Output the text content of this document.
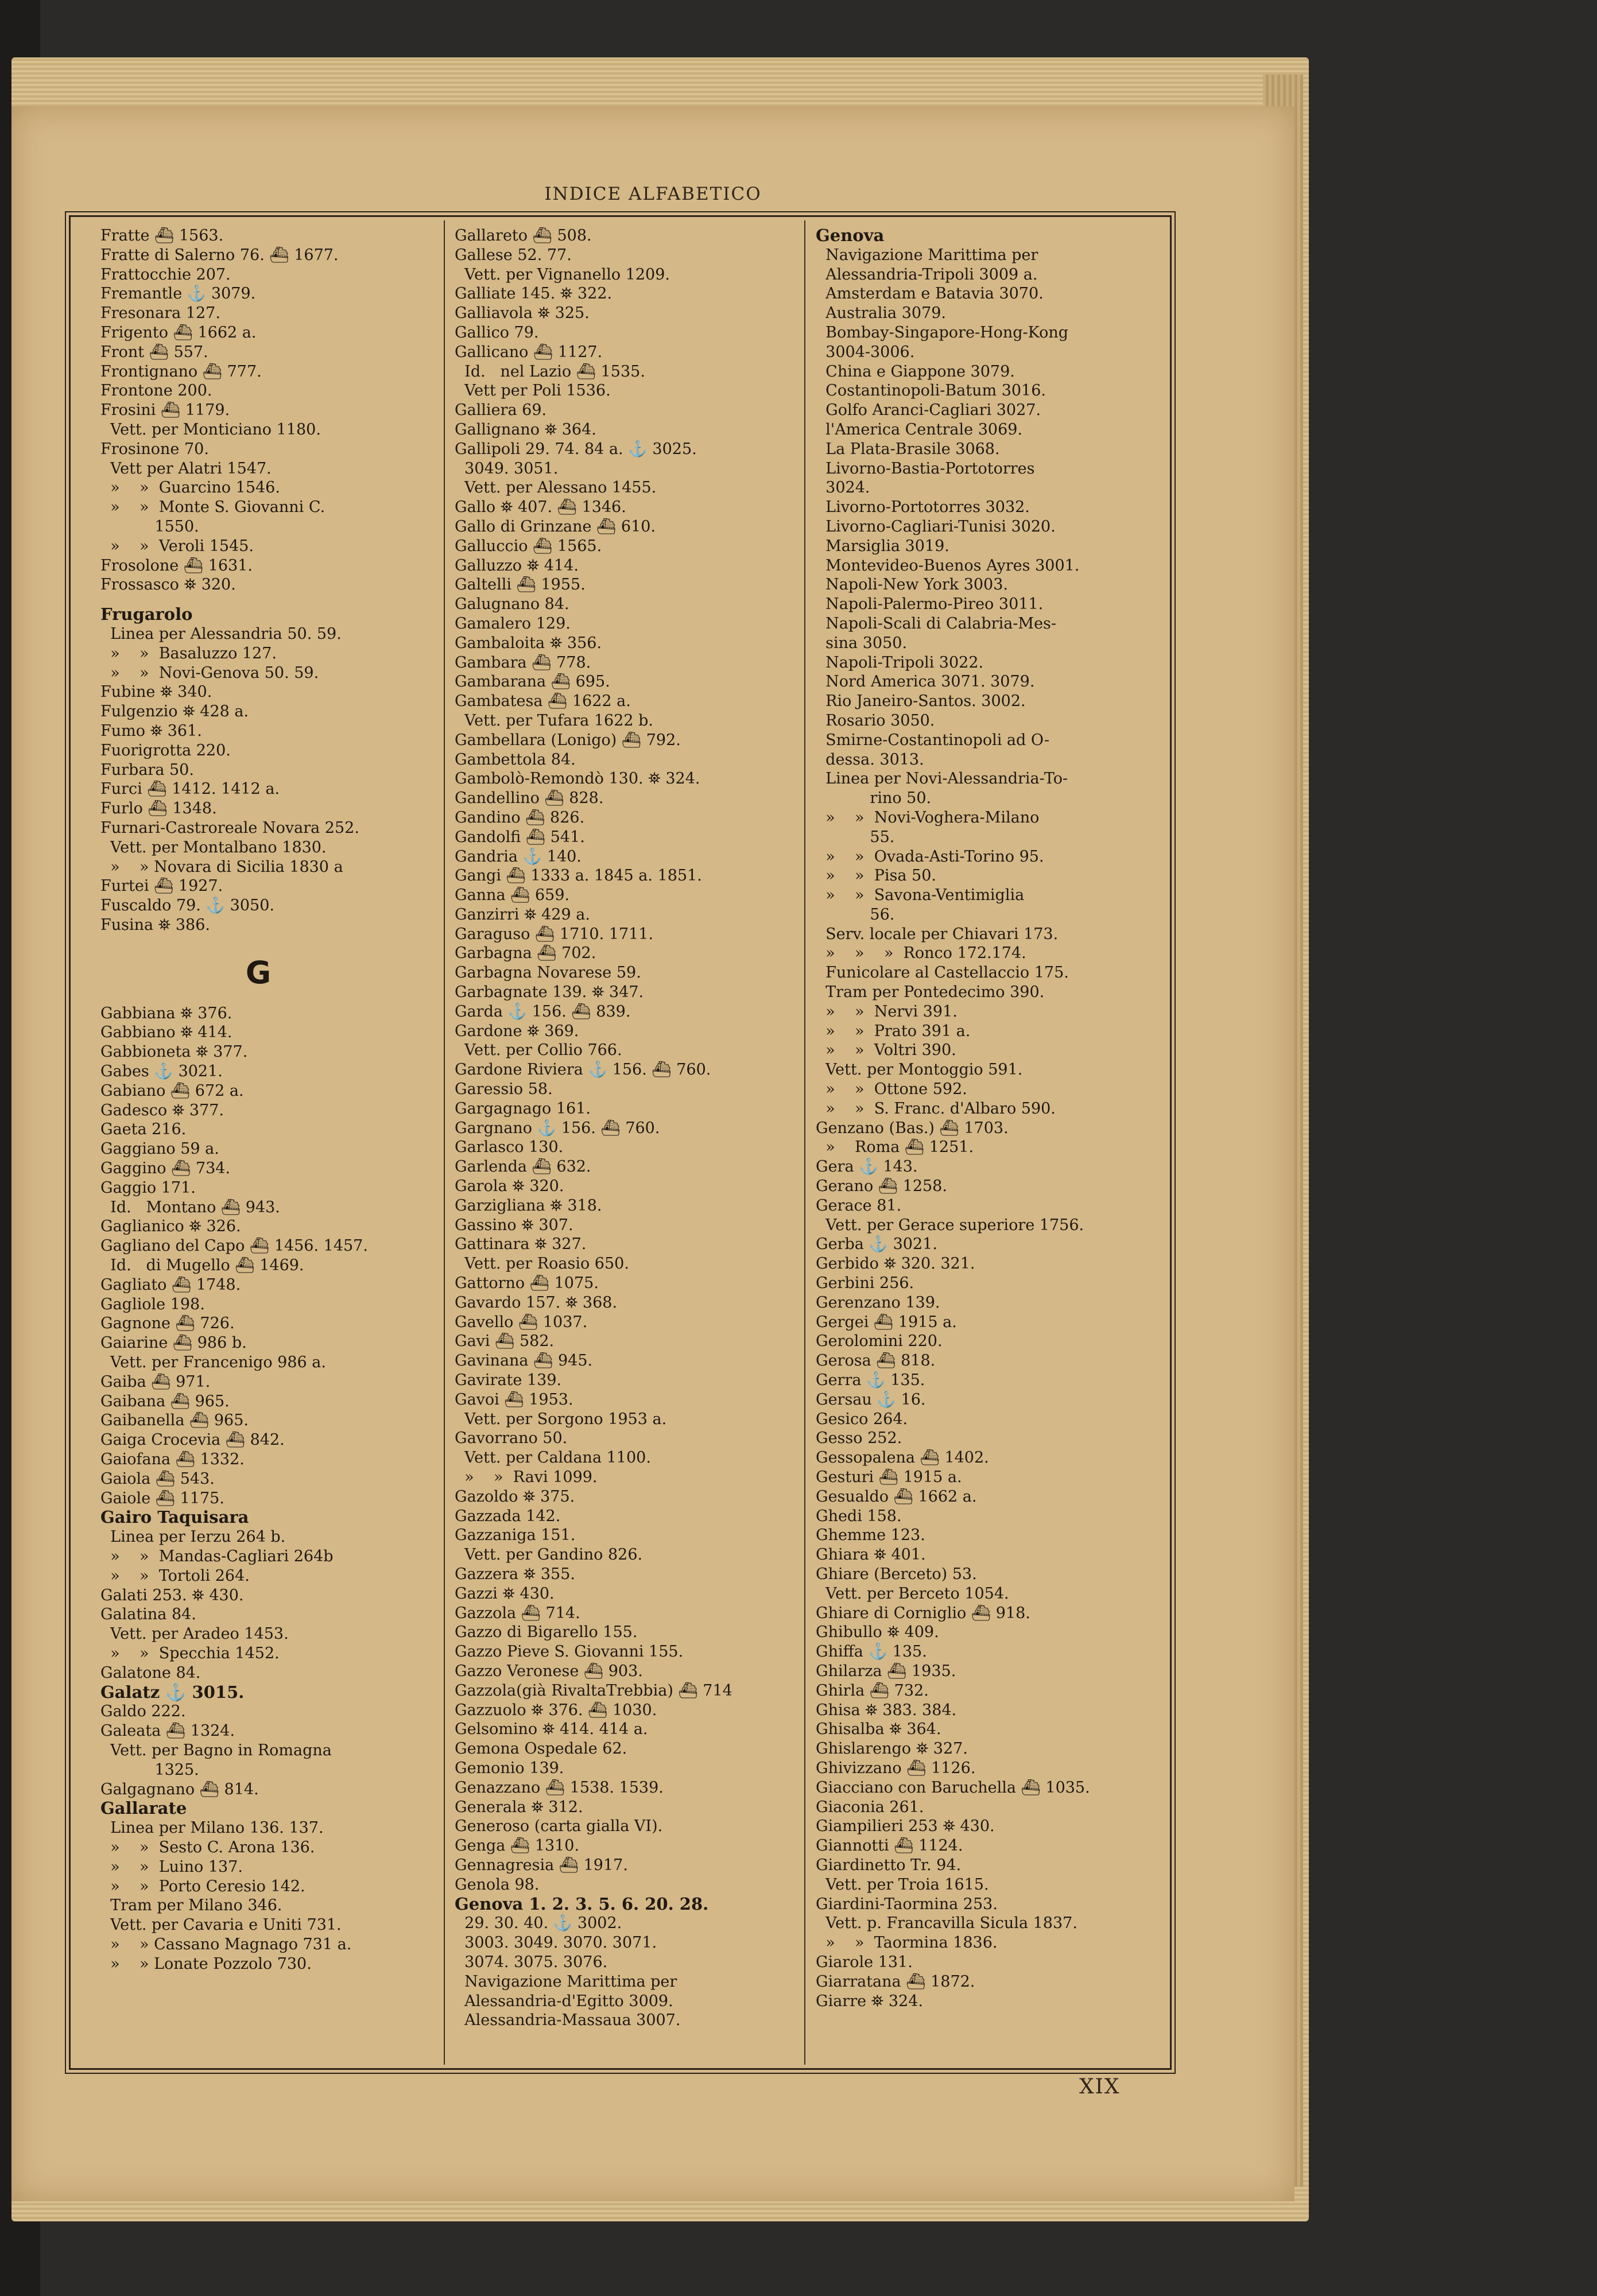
INDICE ALFABETICO
Fratte ⛴ 1563.
Fratte di Salerno 76. ⛴ 1677.
Frattocchie 207.
Fremantle ⚓ 3079.
Fresonara 127.
Frigento ⛴ 1662 a.
Front ⛴ 557.
Frontignano ⛴ 777.
Frontone 200.
Frosini ⛴ 1179.
Vett. per Monticiano 1180.
Frosinone 70.
Vett per Alatri 1547.
»    »  Guarcino 1546.
»    »  Monte S. Giovanni C.
1550.
»    »  Veroli 1545.
Frosolone ⛴ 1631.
Frossasco ⛯ 320.
Frugarolo
Linea per Alessandria 50. 59.
»    »  Basaluzzo 127.
»    »  Novi-Genova 50. 59.
Fubine ⛯ 340.
Fulgenzio ⛯ 428 a.
Fumo ⛯ 361.
Fuorigrotta 220.
Furbara 50.
Furci ⛴ 1412. 1412 a.
Furlo ⛴ 1348.
Furnari-Castroreale Novara 252.
Vett. per Montalbano 1830.
»    » Novara di Sicilia 1830 a
Furtei ⛴ 1927.
Fuscaldo 79. ⚓ 3050.
Fusina ⛯ 386.
G
Gabbiana ⛯ 376.
Gabbiano ⛯ 414.
Gabbioneta ⛯ 377.
Gabes ⚓ 3021.
Gabiano ⛴ 672 a.
Gadesco ⛯ 377.
Gaeta 216.
Gaggiano 59 a.
Gaggino ⛴ 734.
Gaggio 171.
Id.   Montano ⛴ 943.
Gaglianico ⛯ 326.
Gagliano del Capo ⛴ 1456. 1457.
Id.   di Mugello ⛴ 1469.
Gagliato ⛴ 1748.
Gagliole 198.
Gagnone ⛴ 726.
Gaiarine ⛴ 986 b.
Vett. per Francenigo 986 a.
Gaiba ⛴ 971.
Gaibana ⛴ 965.
Gaibanella ⛴ 965.
Gaiga Crocevia ⛴ 842.
Gaiofana ⛴ 1332.
Gaiola ⛴ 543.
Gaiole ⛴ 1175.
Gairo Taquisara
Linea per Ierzu 264 b.
»    »  Mandas-Cagliari 264b
»    »  Tortoli 264.
Galati 253. ⛯ 430.
Galatina 84.
Vett. per Aradeo 1453.
»    »  Specchia 1452.
Galatone 84.
Galatz ⚓ 3015.
Galdo 222.
Galeata ⛴ 1324.
Vett. per Bagno in Romagna
1325.
Galgagnano ⛴ 814.
Gallarate
Linea per Milano 136. 137.
»    »  Sesto C. Arona 136.
»    »  Luino 137.
»    »  Porto Ceresio 142.
Tram per Milano 346.
Vett. per Cavaria e Uniti 731.
»    » Cassano Magnago 731 a.
»    » Lonate Pozzolo 730.
Gallareto ⛴ 508.
Gallese 52. 77.
Vett. per Vignanello 1209.
Galliate 145. ⛯ 322.
Galliavola ⛯ 325.
Gallico 79.
Gallicano ⛴ 1127.
Id.   nel Lazio ⛴ 1535.
Vett per Poli 1536.
Galliera 69.
Gallignano ⛯ 364.
Gallipoli 29. 74. 84 a. ⚓ 3025.
3049. 3051.
Vett. per Alessano 1455.
Gallo ⛯ 407. ⛴ 1346.
Gallo di Grinzane ⛴ 610.
Galluccio ⛴ 1565.
Galluzzo ⛯ 414.
Galtelli ⛴ 1955.
Galugnano 84.
Gamalero 129.
Gambaloita ⛯ 356.
Gambara ⛴ 778.
Gambarana ⛴ 695.
Gambatesa ⛴ 1622 a.
Vett. per Tufara 1622 b.
Gambellara (Lonigo) ⛴ 792.
Gambettola 84.
Gambolò-Remondò 130. ⛯ 324.
Gandellino ⛴ 828.
Gandino ⛴ 826.
Gandolfi ⛴ 541.
Gandria ⚓ 140.
Gangi ⛴ 1333 a. 1845 a. 1851.
Ganna ⛴ 659.
Ganzirri ⛯ 429 a.
Garaguso ⛴ 1710. 1711.
Garbagna ⛴ 702.
Garbagna Novarese 59.
Garbagnate 139. ⛯ 347.
Garda ⚓ 156. ⛴ 839.
Gardone ⛯ 369.
Vett. per Collio 766.
Gardone Riviera ⚓ 156. ⛴ 760.
Garessio 58.
Gargagnago 161.
Gargnano ⚓ 156. ⛴ 760.
Garlasco 130.
Garlenda ⛴ 632.
Garola ⛯ 320.
Garzigliana ⛯ 318.
Gassino ⛯ 307.
Gattinara ⛯ 327.
Vett. per Roasio 650.
Gattorno ⛴ 1075.
Gavardo 157. ⛯ 368.
Gavello ⛴ 1037.
Gavi ⛴ 582.
Gavinana ⛴ 945.
Gavirate 139.
Gavoi ⛴ 1953.
Vett. per Sorgono 1953 a.
Gavorrano 50.
Vett. per Caldana 1100.
»    »  Ravi 1099.
Gazoldo ⛯ 375.
Gazzada 142.
Gazzaniga 151.
Vett. per Gandino 826.
Gazzera ⛯ 355.
Gazzi ⛯ 430.
Gazzola ⛴ 714.
Gazzo di Bigarello 155.
Gazzo Pieve S. Giovanni 155.
Gazzo Veronese ⛴ 903.
Gazzola(già RivaltaTrebbia) ⛴ 714
Gazzuolo ⛯ 376. ⛴ 1030.
Gelsomino ⛯ 414. 414 a.
Gemona Ospedale 62.
Gemonio 139.
Genazzano ⛴ 1538. 1539.
Generala ⛯ 312.
Generoso (carta gialla VI).
Genga ⛴ 1310.
Gennagresia ⛴ 1917.
Genola 98.
Genova 1. 2. 3. 5. 6. 20. 28.
29. 30. 40. ⚓ 3002.
3003. 3049. 3070. 3071.
3074. 3075. 3076.
Navigazione Marittima per
Alessandria-d'Egitto 3009.
Alessandria-Massaua 3007.
Genova
Navigazione Marittima per
Alessandria-Tripoli 3009 a.
Amsterdam e Batavia 3070.
Australia 3079.
Bombay-Singapore-Hong-Kong
3004-3006.
China e Giappone 3079.
Costantinopoli-Batum 3016.
Golfo Aranci-Cagliari 3027.
l'America Centrale 3069.
La Plata-Brasile 3068.
Livorno-Bastia-Portotorres
3024.
Livorno-Portotorres 3032.
Livorno-Cagliari-Tunisi 3020.
Marsiglia 3019.
Montevideo-Buenos Ayres 3001.
Napoli-New York 3003.
Napoli-Palermo-Pireo 3011.
Napoli-Scali di Calabria-Mes-
sina 3050.
Napoli-Tripoli 3022.
Nord America 3071. 3079.
Rio Janeiro-Santos. 3002.
Rosario 3050.
Smirne-Costantinopoli ad O-
dessa. 3013.
Linea per Novi-Alessandria-To-
rino 50.
»    »  Novi-Voghera-Milano
55.
»    »  Ovada-Asti-Torino 95.
»    »  Pisa 50.
»    »  Savona-Ventimiglia
56.
Serv. locale per Chiavari 173.
»    »    »  Ronco 172.174.
Funicolare al Castellaccio 175.
Tram per Pontedecimo 390.
»    »  Nervi 391.
»    »  Prato 391 a.
»    »  Voltri 390.
Vett. per Montoggio 591.
»    »  Ottone 592.
»    »  S. Franc. d'Albaro 590.
Genzano (Bas.) ⛴ 1703.
»    Roma ⛴ 1251.
Gera ⚓ 143.
Gerano ⛴ 1258.
Gerace 81.
Vett. per Gerace superiore 1756.
Gerba ⚓ 3021.
Gerbido ⛯ 320. 321.
Gerbini 256.
Gerenzano 139.
Gergei ⛴ 1915 a.
Gerolomini 220.
Gerosa ⛴ 818.
Gerra ⚓ 135.
Gersau ⚓ 16.
Gesico 264.
Gesso 252.
Gessopalena ⛴ 1402.
Gesturi ⛴ 1915 a.
Gesualdo ⛴ 1662 a.
Ghedi 158.
Ghemme 123.
Ghiara ⛯ 401.
Ghiare (Berceto) 53.
Vett. per Berceto 1054.
Ghiare di Corniglio ⛴ 918.
Ghibullo ⛯ 409.
Ghiffa ⚓ 135.
Ghilarza ⛴ 1935.
Ghirla ⛴ 732.
Ghisa ⛯ 383. 384.
Ghisalba ⛯ 364.
Ghislarengo ⛯ 327.
Ghivizzano ⛴ 1126.
Giacciano con Baruchella ⛴ 1035.
Giaconia 261.
Giampilieri 253 ⛯ 430.
Giannotti ⛴ 1124.
Giardinetto Tr. 94.
Vett. per Troia 1615.
Giardini-Taormina 253.
Vett. p. Francavilla Sicula 1837.
»    »  Taormina 1836.
Giarole 131.
Giarratana ⛴ 1872.
Giarre ⛯ 324.
XIX
